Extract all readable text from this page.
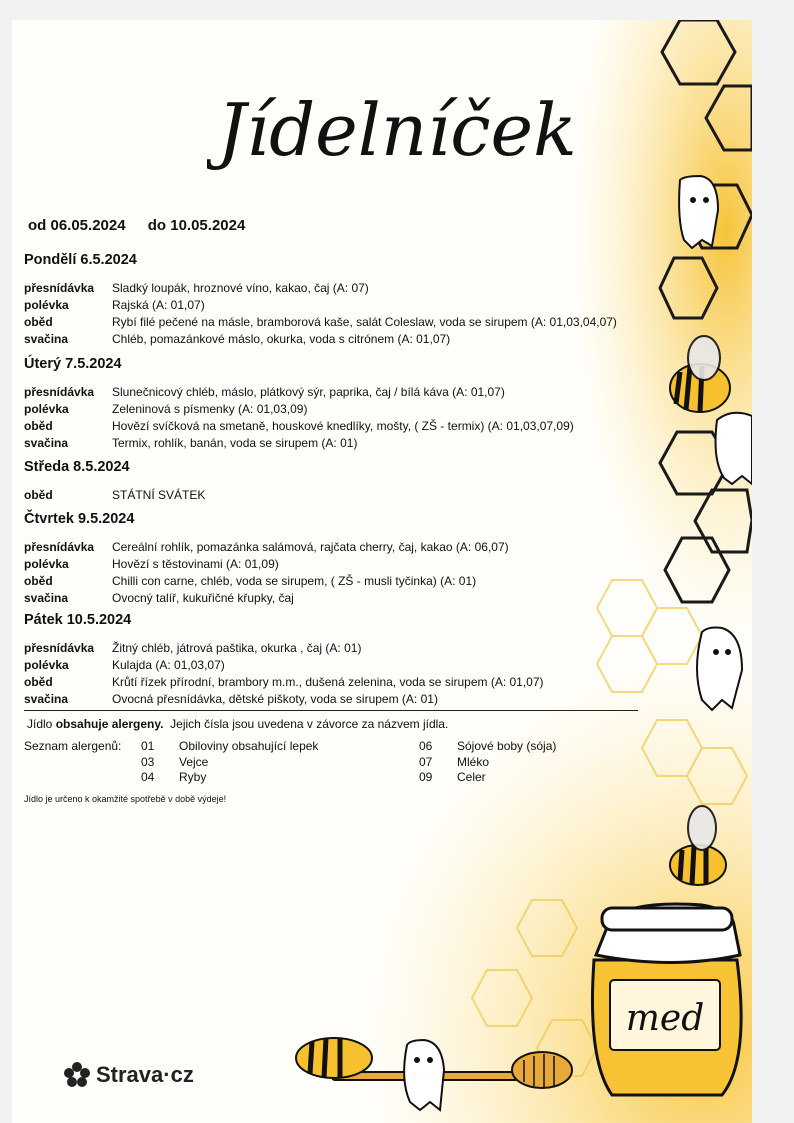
med
Jídelníček
od 06.05.2024 do 10.05.2024
Pondělí 6.5.2024
přesnídávka	Sladký loupák, hroznové víno, kakao, čaj (A: 07)
polévka	Rajská (A: 01,07)
oběd	Rybí filé pečené na másle, bramborová kaše, salát Coleslaw, voda se sirupem (A: 01,03,04,07)
svačina	Chléb, pomazánkové máslo, okurka, voda s citrónem (A: 01,07)
Úterý 7.5.2024
přesnídávka	Slunečnicový chléb, máslo, plátkový sýr, paprika, čaj / bílá káva (A: 01,07)
polévka	Zeleninová s písmenky (A: 01,03,09)
oběd	Hovězí svíčková na smetaně, houskové knedlíky, mošty, ( ZŠ - termix) (A: 01,03,07,09)
svačina	Termix, rohlík, banán, voda se sirupem (A: 01)
Středa 8.5.2024
oběd	STÁTNÍ SVÁTEK
Čtvrtek 9.5.2024
přesnídávka	Cereální rohlík, pomazánka salámová, rajčata cherry, čaj, kakao (A: 06,07)
polévka	Hovězí s těstovinami (A: 01,09)
oběd	Chilli con carne, chléb, voda se sirupem, ( ZŠ - musli tyčinka) (A: 01)
svačina	Ovocný talíř, kukuřičné křupky, čaj
Pátek 10.5.2024
přesnídávka	Žitný chléb, játrová paštika, okurka , čaj (A: 01)
polévka	Kulajda (A: 01,03,07)
oběd	Krůtí řízek přírodní, brambory m.m., dušená zelenina, voda se sirupem (A: 01,07)
svačina	Ovocná přesnídávka, dětské piškoty, voda se sirupem (A: 01)
Jídlo obsahuje alergeny.  Jejich čísla jsou uvedena v závorce za názvem jídla.
Seznam alergenů: 01 Obiloviny obsahující lepek
03 Vejce
04 Ryby
06 Sójové boby (sója)
07 Mléko
09 Celer
Jídlo je určeno k okamžité spotřebě v době výdeje!
Strava·cz
